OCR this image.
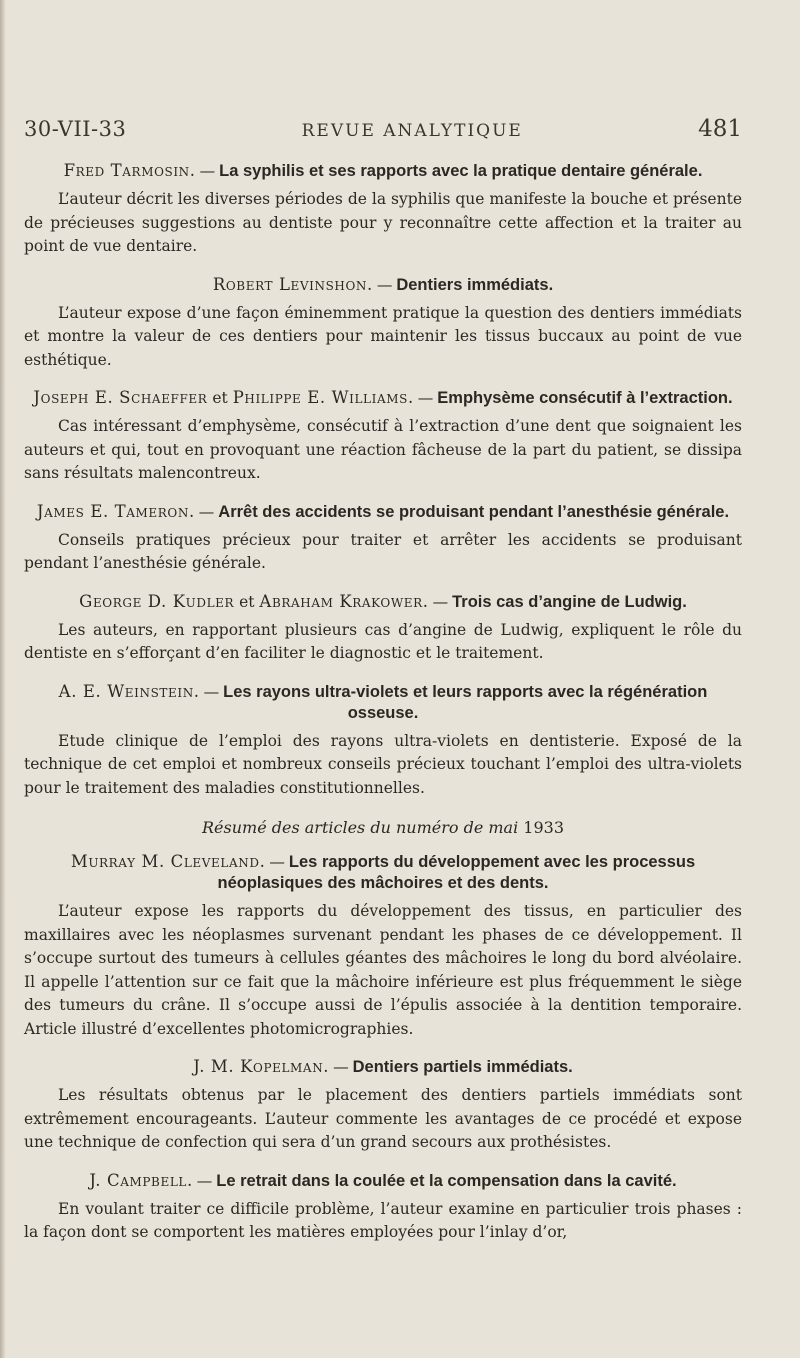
30-VII-33	REVUE ANALYTIQUE	481
Fred Tarmosin. — La syphilis et ses rapports avec la pratique dentaire générale.

L’auteur décrit les diverses périodes de la syphilis que manifeste la bouche et présente de précieuses suggestions au dentiste pour y reconnaître cette affection et la traiter au point de vue dentaire.

Robert Levinshon. — Dentiers immédiats.

L’auteur expose d’une façon éminemment pratique la question des dentiers immédiats et montre la valeur de ces dentiers pour maintenir les tissus buccaux au point de vue esthétique.

Joseph E. Schaeffer et Philippe E. Williams. — Emphysème consécutif à l’extraction.

Cas intéressant d’emphysème, consécutif à l’extraction d’une dent que soignaient les auteurs et qui, tout en provoquant une réaction fâcheuse de la part du patient, se dissipa sans résultats malencontreux.

James E. Tameron. — Arrêt des accidents se produisant pendant l’anesthésie générale.

Conseils pratiques précieux pour traiter et arrêter les accidents se produisant pendant l’anesthésie générale.

George D. Kudler et Abraham Krakower. — Trois cas d’angine de Ludwig.

Les auteurs, en rapportant plusieurs cas d’angine de Ludwig, expliquent le rôle du dentiste en s’efforçant d’en faciliter le diagnostic et le traitement.

A. E. Weinstein. — Les rayons ultra-violets et leurs rapports avec la régénération osseuse.

Etude clinique de l’emploi des rayons ultra-violets en dentisterie. Exposé de la technique de cet emploi et nombreux conseils précieux touchant l’emploi des ultra-violets pour le traitement des maladies constitutionnelles.

Résumé des articles du numéro de mai 1933
Murray M. Cleveland. — Les rapports du développement avec les processus néoplasiques des mâchoires et des dents.

L’auteur expose les rapports du développement des tissus, en particulier des maxillaires avec les néoplasmes survenant pendant les phases de ce développement. Il s’occupe surtout des tumeurs à cellules géantes des mâchoires le long du bord alvéolaire. Il appelle l’attention sur ce fait que la mâchoire inférieure est plus fréquemment le siège des tumeurs du crâne. Il s’occupe aussi de l’épulis associée à la dentition temporaire. Article illustré d’excellentes photomicrographies.

J. M. Kopelman. — Dentiers partiels immédiats.

Les résultats obtenus par le placement des dentiers partiels immédiats sont extrêmement encourageants. L’auteur commente les avantages de ce procédé et expose une technique de confection qui sera d’un grand secours aux prothésistes.

J. Campbell. — Le retrait dans la coulée et la compensation dans la cavité.

En voulant traiter ce difficile problème, l’auteur examine en particulier trois phases : la façon dont se comportent les matières employées pour l’inlay d’or,
